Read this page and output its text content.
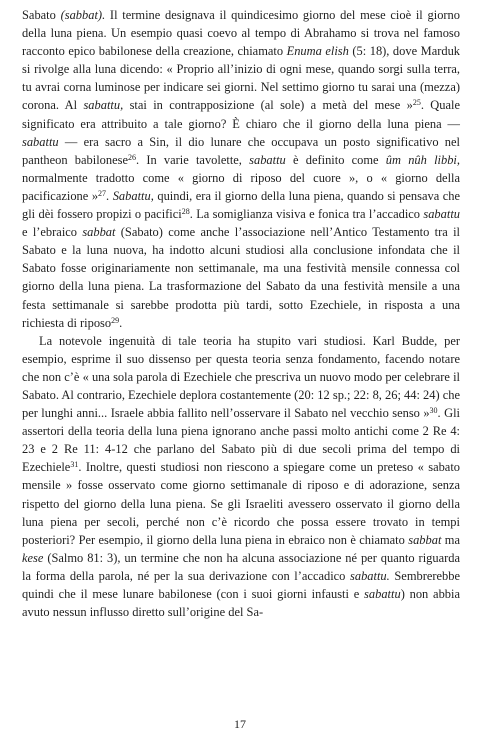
Sabato (sabbat). Il termine designava il quindicesimo giorno del mese cioè il giorno della luna piena. Un esempio quasi coevo al tempo di Abrahamo si trova nel famoso racconto epico babilonese della creazione, chiamato Enuma elish (5: 18), dove Marduk si rivolge alla luna dicendo: « Proprio all’inizio di ogni mese, quando sorgi sulla terra, tu avrai corna luminose per indicare sei giorni. Nel settimo giorno tu sarai una (mezza) corona. Al sabattu, stai in contrapposizione (al sole) a metà del mese »$^{25}$. Quale significato era attribuito a tale giorno? È chiaro che il giorno della luna piena — sabattu — era sacro a Sin, il dio lunare che occupava un posto significativo nel pantheon babilonese$^{26}$. In varie tavolette, sabattu è definito come ûm nûh libbi, normalmente tradotto come « giorno di riposo del cuore », o « giorno della pacificazione »$^{27}$. Sabattu, quindi, era il giorno della luna piena, quando si pensava che gli dèi fossero propizi o pacifici$^{28}$. La somiglianza visiva e fonica tra l’accadico sabattu e l’ebraico sabbat (Sabato) come anche l’associazione nell’Antico Testamento tra il Sabato e la luna nuova, ha indotto alcuni studiosi alla conclusione infondata che il Sabato fosse originariamente non settimanale, ma una festività mensile connessa col giorno della luna piena. La trasformazione del Sabato da una festività mensile a una festa settimanale si sarebbe prodotta più tardi, sotto Ezechiele, in risposta a una richiesta di riposo$^{29}$.

La notevole ingenuità di tale teoria ha stupito vari studiosi. Karl Budde, per esempio, esprime il suo dissenso per questa teoria senza fondamento, facendo notare che non c’è « una sola parola di Ezechiele che prescriva un nuovo modo per celebrare il Sabato. Al contrario, Ezechiele deplora costantemente (20: 12 sp.; 22: 8, 26; 44: 24) che per lunghi anni... Israele abbia fallito nell’osservare il Sabato nel vecchio senso »$^{30}$. Gli assertori della teoria della luna piena ignorano anche passi molto antichi come 2 Re 4: 23 e 2 Re 11: 4-12 che parlano del Sabato più di due secoli prima del tempo di Ezechiele$^{31}$. Inoltre, questi studiosi non riescono a spiegare come un preteso « sabato mensile » fosse osservato come giorno settimanale di riposo e di adorazione, senza rispetto del giorno della luna piena. Se gli Israeliti avessero osservato il giorno della luna piena per secoli, perché non c’è ricordo che possa essere trovato in tempi posteriori? Per esempio, il giorno della luna piena in ebraico non è chiamato sabbat ma kese (Salmo 81: 3), un termine che non ha alcuna associazione né per quanto riguarda la forma della parola, né per la sua derivazione con l’accadico sabattu. Sembrerebbe quindi che il mese lunare babilonese (con i suoi giorni infausti e sabattu) non abbia avuto nessun influsso diretto sull’origine del Sa-

17
